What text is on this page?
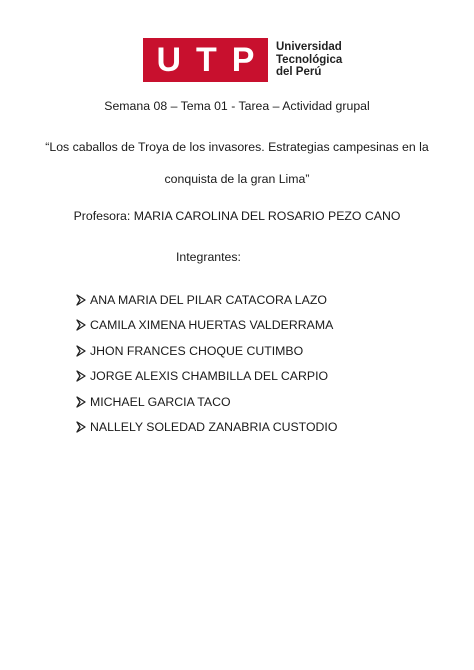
U T P Universidad
Tecnológica
del Perú
Semana 08 – Tema 01 - Tarea – Actividad grupal
“Los caballos de Troya de los invasores. Estrategias campesinas en la
conquista de la gran Lima”
Profesora: MARIA CAROLINA DEL ROSARIO PEZO CANO
Integrantes:
ANA MARIA DEL PILAR CATACORA LAZO
CAMILA XIMENA HUERTAS VALDERRAMA
JHON FRANCES CHOQUE CUTIMBO
JORGE ALEXIS CHAMBILLA DEL CARPIO
MICHAEL GARCIA TACO
NALLELY SOLEDAD ZANABRIA CUSTODIO
